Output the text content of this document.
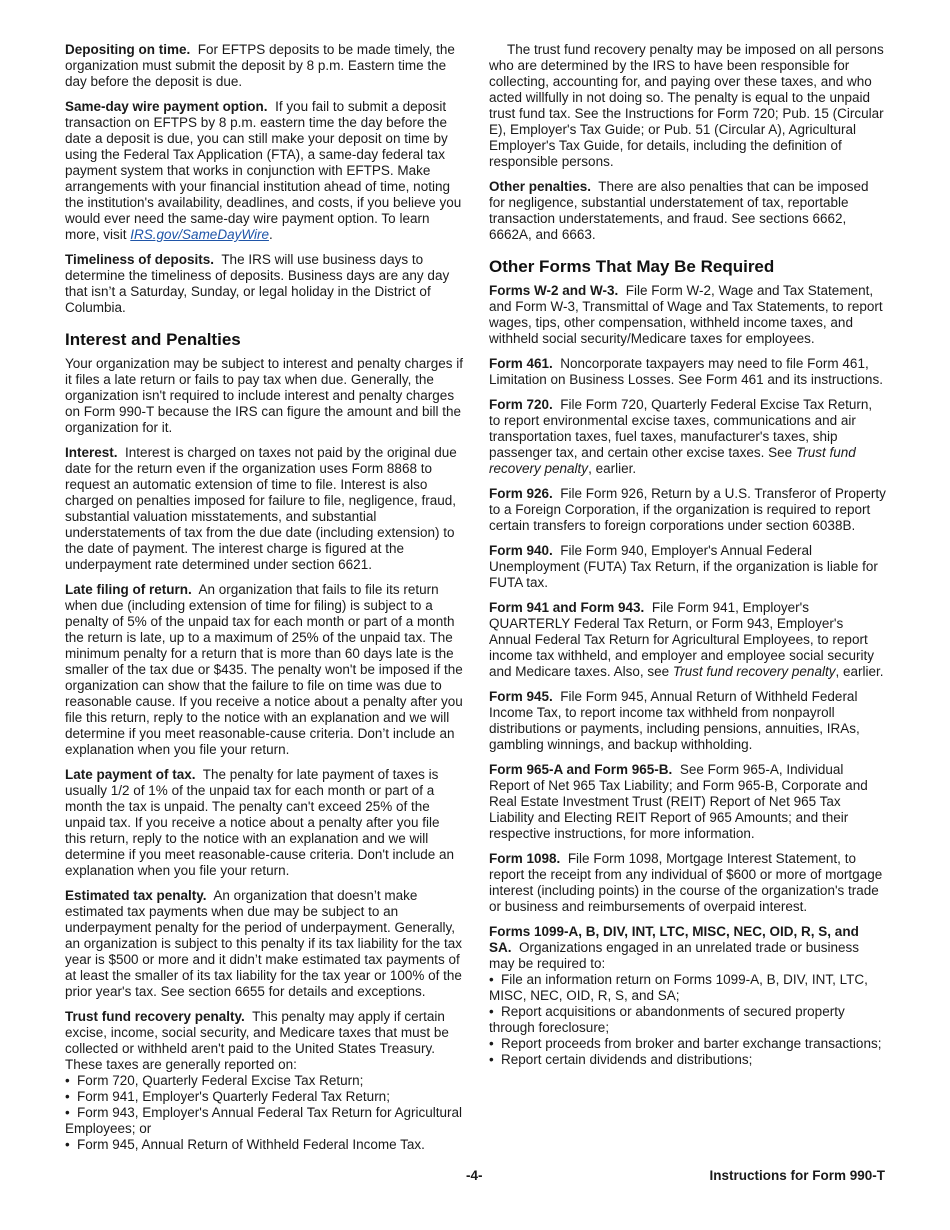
Depositing on time. For EFTPS deposits to be made timely, the organization must submit the deposit by 8 p.m. Eastern time the day before the deposit is due.

Same-day wire payment option. If you fail to submit a deposit transaction on EFTPS by 8 p.m. eastern time the day before the date a deposit is due, you can still make your deposit on time by using the Federal Tax Application (FTA), a same-day federal tax payment system that works in conjunction with EFTPS. Make arrangements with your financial institution ahead of time, noting the institution's availability, deadlines, and costs, if you believe you would ever need the same-day wire payment option. To learn more, visit IRS.gov/SameDayWire.

Timeliness of deposits. The IRS will use business days to determine the timeliness of deposits. Business days are any day that isn’t a Saturday, Sunday, or legal holiday in the District of Columbia.

Interest and Penalties

Your organization may be subject to interest and penalty charges if it files a late return or fails to pay tax when due. Generally, the organization isn't required to include interest and penalty charges on Form 990-T because the IRS can figure the amount and bill the organization for it.

Interest. Interest is charged on taxes not paid by the original due date for the return even if the organization uses Form 8868 to request an automatic extension of time to file. Interest is also charged on penalties imposed for failure to file, negligence, fraud, substantial valuation misstatements, and substantial understatements of tax from the due date (including extension) to the date of payment. The interest charge is figured at the underpayment rate determined under section 6621.

Late filing of return. An organization that fails to file its return when due (including extension of time for filing) is subject to a penalty of 5% of the unpaid tax for each month or part of a month the return is late, up to a maximum of 25% of the unpaid tax. The minimum penalty for a return that is more than 60 days late is the smaller of the tax due or $435. The penalty won't be imposed if the organization can show that the failure to file on time was due to reasonable cause. If you receive a notice about a penalty after you file this return, reply to the notice with an explanation and we will determine if you meet reasonable-cause criteria. Don’t include an explanation when you file your return.

Late payment of tax. The penalty for late payment of taxes is usually 1/2 of 1% of the unpaid tax for each month or part of a month the tax is unpaid. The penalty can't exceed 25% of the unpaid tax. If you receive a notice about a penalty after you file this return, reply to the notice with an explanation and we will determine if you meet reasonable-cause criteria. Don't include an explanation when you file your return.

Estimated tax penalty. An organization that doesn’t make estimated tax payments when due may be subject to an underpayment penalty for the period of underpayment. Generally, an organization is subject to this penalty if its tax liability for the tax year is $500 or more and it didn’t make estimated tax payments of at least the smaller of its tax liability for the tax year or 100% of the prior year's tax. See section 6655 for details and exceptions.

Trust fund recovery penalty. This penalty may apply if certain excise, income, social security, and Medicare taxes that must be collected or withheld aren't paid to the United States Treasury. These taxes are generally reported on:

• Form 720, Quarterly Federal Excise Tax Return;
• Form 941, Employer's Quarterly Federal Tax Return;
• Form 943, Employer's Annual Federal Tax Return for Agricultural Employees; or
• Form 945, Annual Return of Withheld Federal Income Tax.

The trust fund recovery penalty may be imposed on all persons who are determined by the IRS to have been responsible for collecting, accounting for, and paying over these taxes, and who acted willfully in not doing so. The penalty is equal to the unpaid trust fund tax. See the Instructions for Form 720; Pub. 15 (Circular E), Employer's Tax Guide; or Pub. 51 (Circular A), Agricultural Employer's Tax Guide, for details, including the definition of responsible persons.

Other penalties. There are also penalties that can be imposed for negligence, substantial understatement of tax, reportable transaction understatements, and fraud. See sections 6662, 6662A, and 6663.

Other Forms That May Be Required

Forms W-2 and W-3. File Form W-2, Wage and Tax Statement, and Form W-3, Transmittal of Wage and Tax Statements, to report wages, tips, other compensation, withheld income taxes, and withheld social security/Medicare taxes for employees.

Form 461. Noncorporate taxpayers may need to file Form 461, Limitation on Business Losses. See Form 461 and its instructions.

Form 720. File Form 720, Quarterly Federal Excise Tax Return, to report environmental excise taxes, communications and air transportation taxes, fuel taxes, manufacturer's taxes, ship passenger tax, and certain other excise taxes. See Trust fund recovery penalty, earlier.

Form 926. File Form 926, Return by a U.S. Transferor of Property to a Foreign Corporation, if the organization is required to report certain transfers to foreign corporations under section 6038B.

Form 940. File Form 940, Employer's Annual Federal Unemployment (FUTA) Tax Return, if the organization is liable for FUTA tax.

Form 941 and Form 943. File Form 941, Employer's QUARTERLY Federal Tax Return, or Form 943, Employer's Annual Federal Tax Return for Agricultural Employees, to report income tax withheld, and employer and employee social security and Medicare taxes. Also, see Trust fund recovery penalty, earlier.

Form 945. File Form 945, Annual Return of Withheld Federal Income Tax, to report income tax withheld from nonpayroll distributions or payments, including pensions, annuities, IRAs, gambling winnings, and backup withholding.

Form 965-A and Form 965-B. See Form 965-A, Individual Report of Net 965 Tax Liability; and Form 965-B, Corporate and Real Estate Investment Trust (REIT) Report of Net 965 Tax Liability and Electing REIT Report of 965 Amounts; and their respective instructions, for more information.

Form 1098. File Form 1098, Mortgage Interest Statement, to report the receipt from any individual of $600 or more of mortgage interest (including points) in the course of the organization's trade or business and reimbursements of overpaid interest.

Forms 1099-A, B, DIV, INT, LTC, MISC, NEC, OID, R, S, and SA. Organizations engaged in an unrelated trade or business may be required to:

• File an information return on Forms 1099-A, B, DIV, INT, LTC, MISC, NEC, OID, R, S, and SA;
• Report acquisitions or abandonments of secured property through foreclosure;
• Report proceeds from broker and barter exchange transactions;
• Report certain dividends and distributions;
-4-	Instructions for Form 990-T
